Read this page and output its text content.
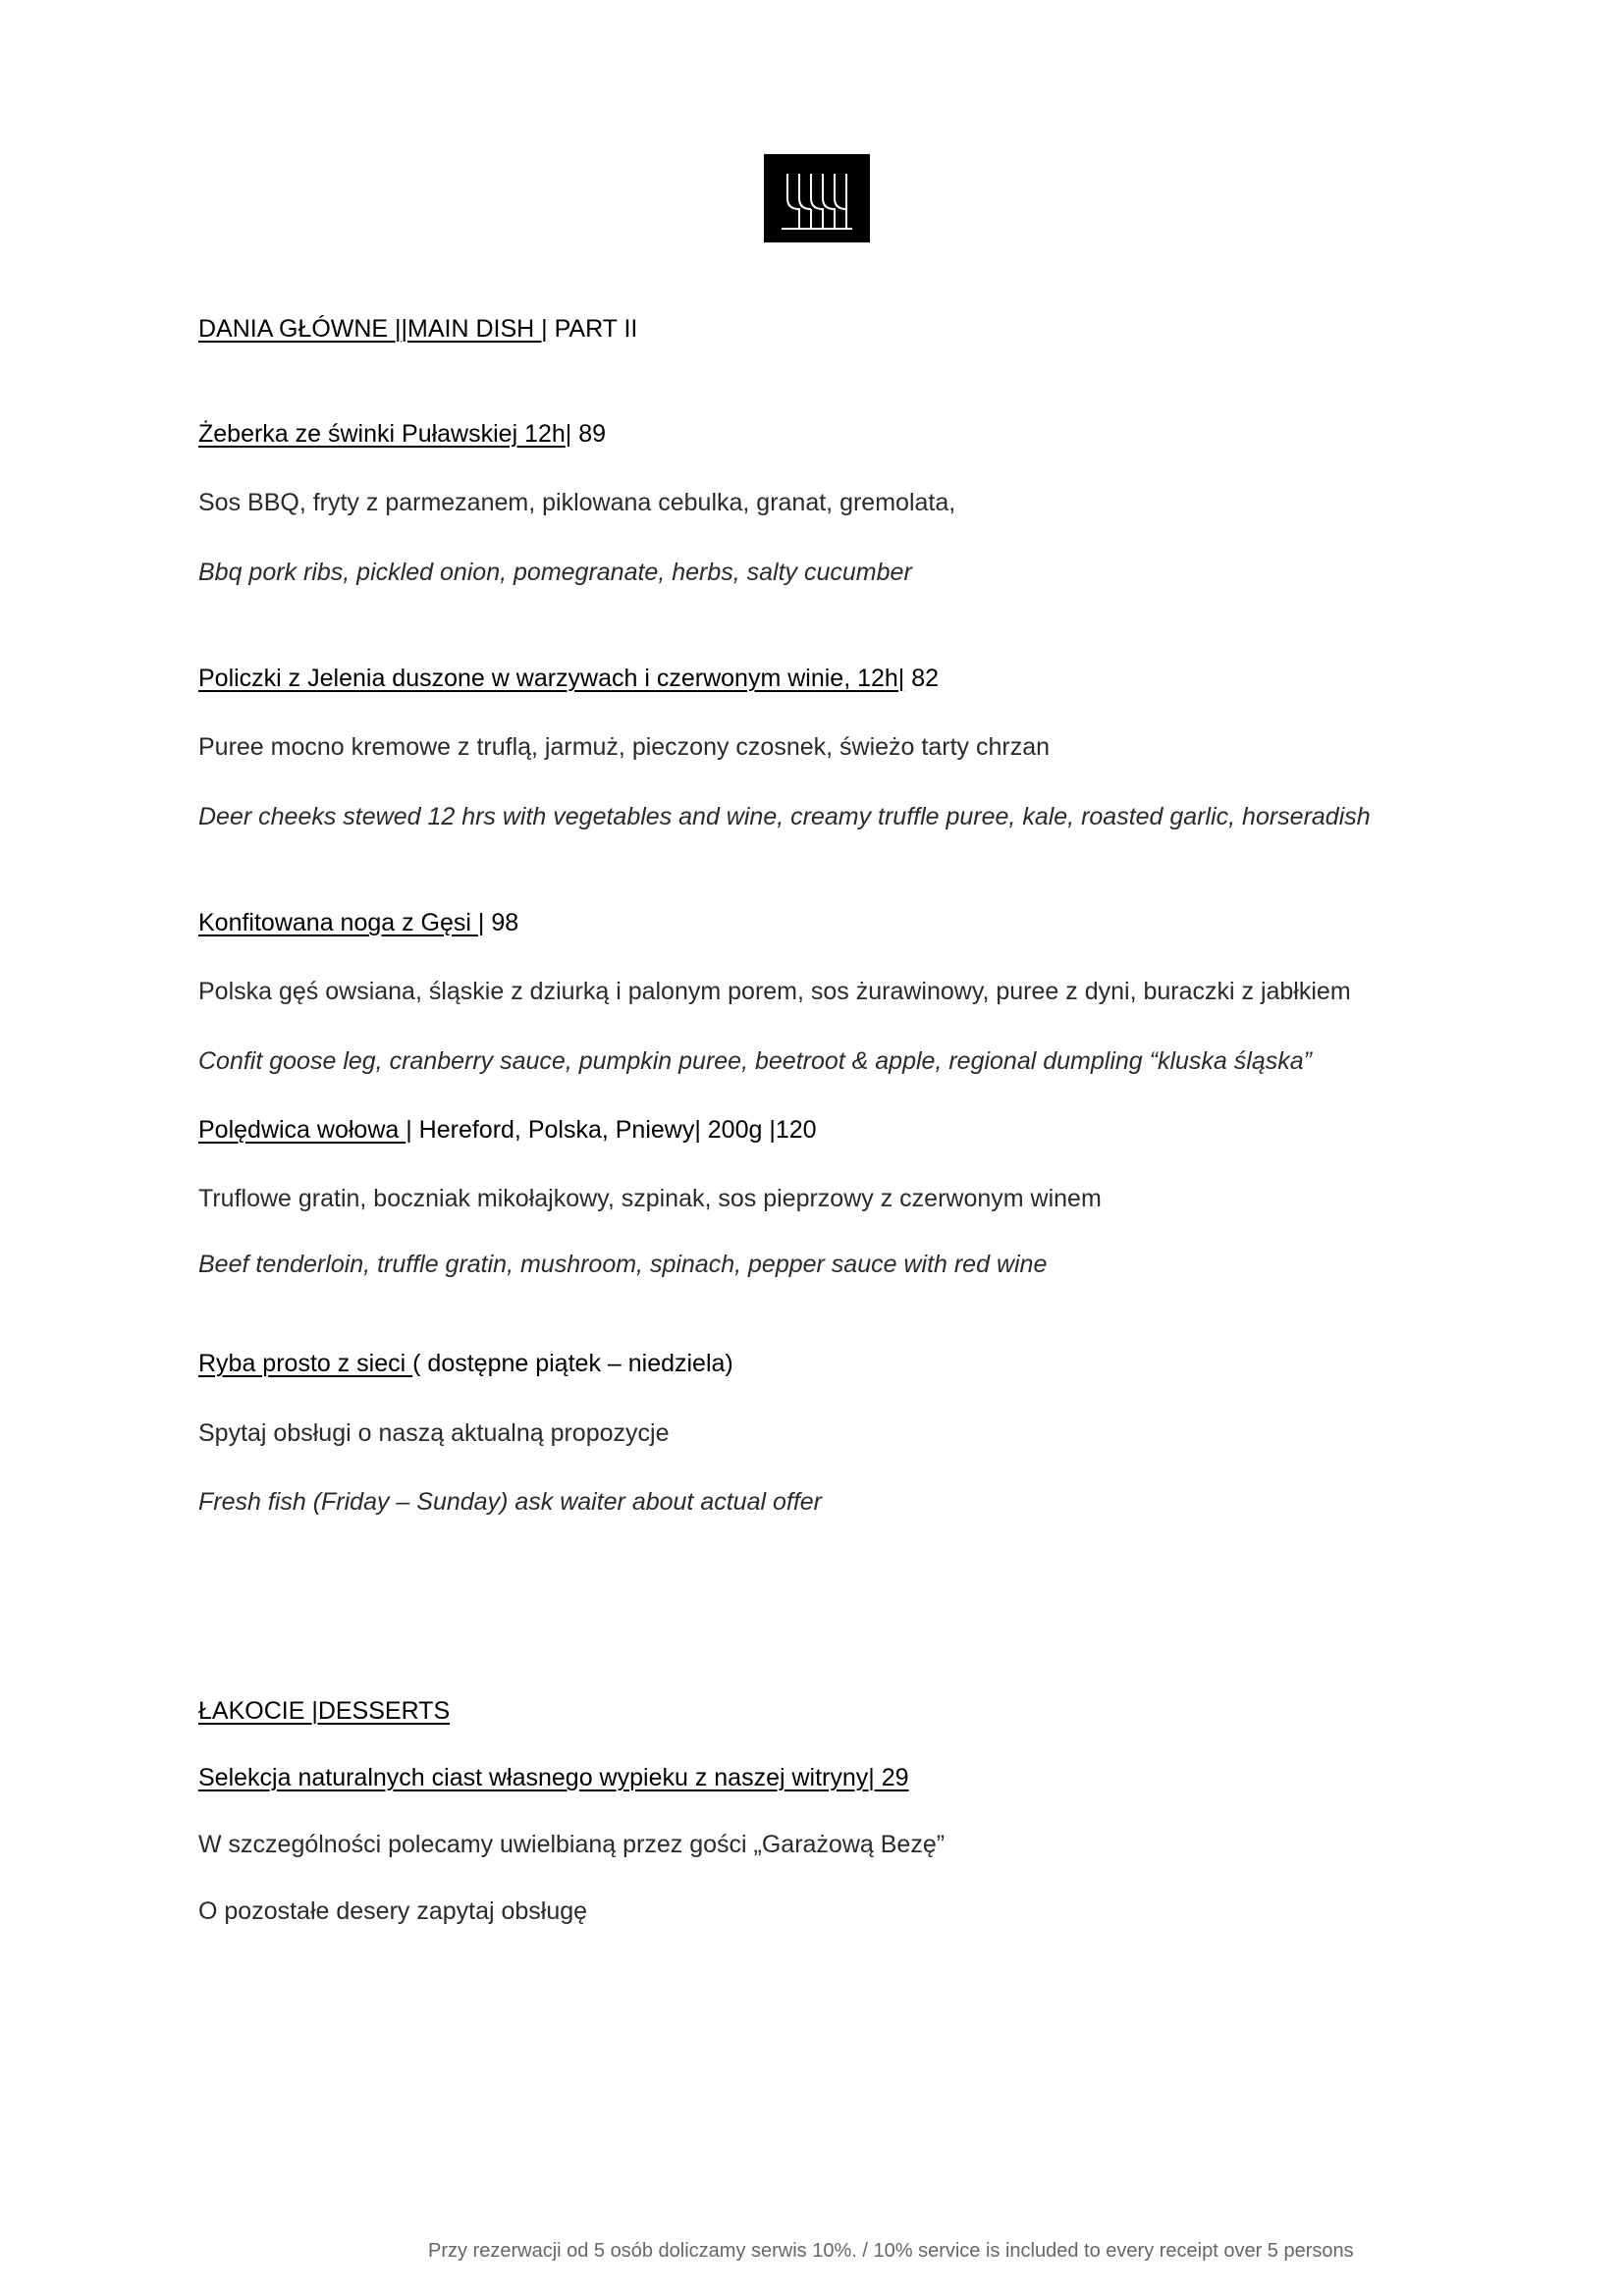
DANIA GŁÓWNE ||MAIN DISH | PART II
Żeberka ze świnki Puławskiej 12h| 89
Sos BBQ, fryty z parmezanem, piklowana cebulka, granat, gremolata,
Bbq pork ribs, pickled onion, pomegranate, herbs, salty cucumber
Policzki z Jelenia duszone w warzywach i czerwonym winie, 12h| 82
Puree mocno kremowe z truflą, jarmuż, pieczony czosnek, świeżo tarty chrzan
Deer cheeks stewed 12 hrs with vegetables and wine, creamy truffle puree, kale, roasted garlic, horseradish
Konfitowana noga z Gęsi | 98
Polska gęś owsiana, śląskie z dziurką i palonym porem, sos żurawinowy, puree z dyni, buraczki z jabłkiem
Confit goose leg, cranberry sauce, pumpkin puree, beetroot & apple, regional dumpling “kluska śląska”
Polędwica wołowa | Hereford, Polska, Pniewy| 200g |120
Truflowe gratin, boczniak mikołajkowy, szpinak, sos pieprzowy z czerwonym winem
Beef tenderloin, truffle gratin, mushroom, spinach, pepper sauce with red wine
Ryba prosto z sieci ( dostępne piątek – niedziela)
Spytaj obsługi o naszą aktualną propozycje
Fresh fish (Friday – Sunday) ask waiter about actual offer
ŁAKOCIE |DESSERTS
Selekcja naturalnych ciast własnego wypieku z naszej witryny| 29
W szczególności polecamy uwielbianą przez gości „Garażową Bezę”
O pozostałe desery zapytaj obsługę
Przy rezerwacji od 5 osób doliczamy serwis 10%. / 10% service is included to every receipt over 5 persons
